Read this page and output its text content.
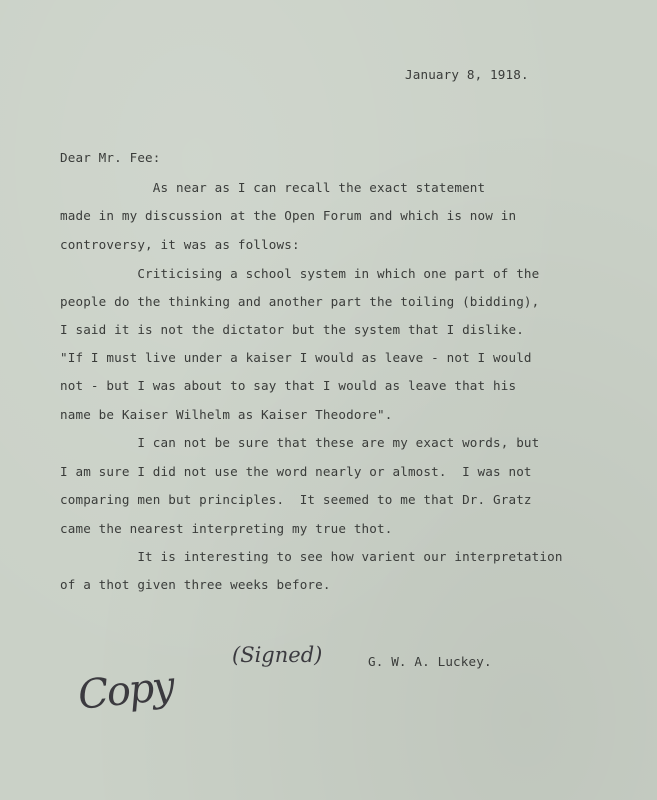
January 8, 1918.
Dear Mr. Fee:
As near as I can recall the exact statement
made in my discussion at the Open Forum and which is now in
controversy, it was as follows:
Criticising a school system in which one part of the
people do the thinking and another part the toiling (bidding),
I said it is not the dictator but the system that I dislike.
"If I must live under a kaiser I would as leave - not I would
not - but I was about to say that I would as leave that his
name be Kaiser Wilhelm as Kaiser Theodore".
I can not be sure that these are my exact words, but
I am sure I did not use the word nearly or almost.  I was not
comparing men but principles.  It seemed to me that Dr. Gratz
came the nearest interpreting my true thot.
It is interesting to see how varient our interpretation
of a thot given three weeks before.
(Signed)	G. W. A. Luckey.
Copy
